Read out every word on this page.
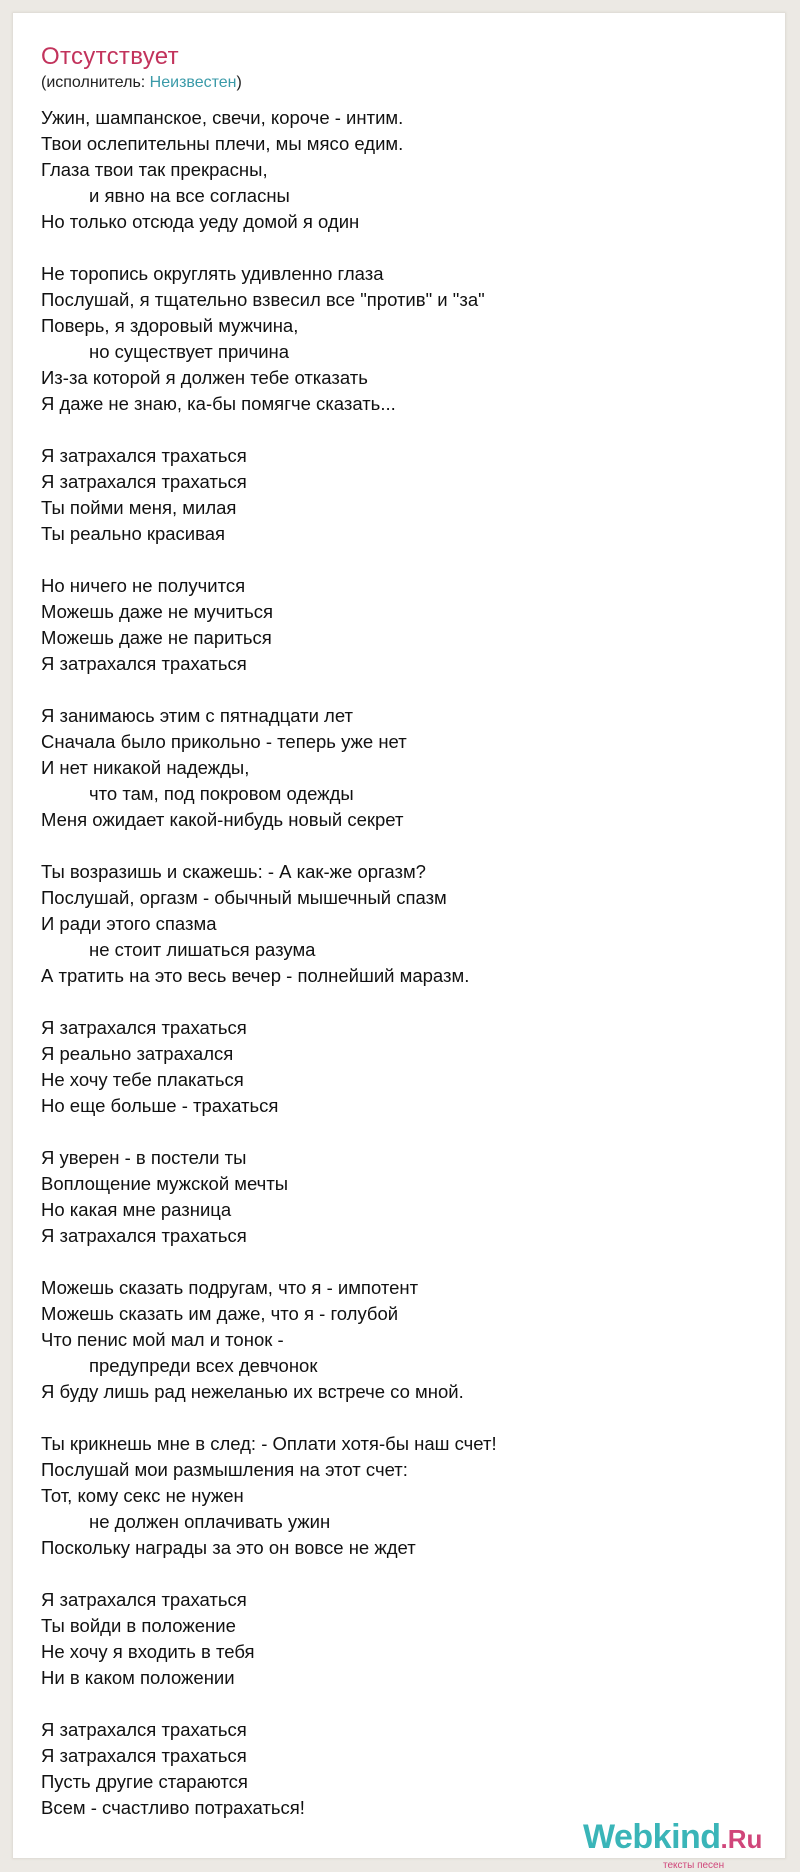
Отсутствует
(исполнитель: Неизвестен)
Ужин, шампанское, свечи, короче - интим.
Твои ослепительны плечи, мы мясо едим.
Глаза твои так прекрасны,
и явно на все согласны
Но только отсюда уеду домой я один
Не торопись округлять удивленно глаза
Послушай, я тщательно взвесил все "против" и "за"
Поверь, я здоровый мужчина,
но существует причина
Из-за которой я должен тебе отказать
Я даже не знаю, ка-бы помягче сказать...
Я затрахался трахаться
Я затрахался трахаться
Ты пойми меня, милая
Ты реально красивая
Но ничего не получится
Можешь даже не мучиться
Можешь даже не париться
Я затрахался трахаться
Я занимаюсь этим с пятнадцати лет
Сначала было прикольно - теперь уже нет
И нет никакой надежды,
что там, под покровом одежды
Меня ожидает какой-нибудь новый секрет
Ты возразишь и скажешь: - А как-же оргазм?
Послушай, оргазм - обычный мышечный спазм
И ради этого спазма
не стоит лишаться разума
А тратить на это весь вечер - полнейший маразм.
Я затрахался трахаться
Я реально затрахался
Не хочу тебе плакаться
Но еще больше - трахаться
Я уверен - в постели ты
Воплощение мужской мечты
Но какая мне разница
Я затрахался трахаться
Можешь сказать подругам, что я - импотент
Можешь сказать им даже, что я - голубой
Что пенис мой мал и тонок -
предупреди всех девчонок
Я буду лишь рад нежеланью их встрече со мной.
Ты крикнешь мне в след: - Оплати хотя-бы наш счет!
Послушай мои размышления на этот счет:
Тот, кому секс не нужен
не должен оплачивать ужин
Поскольку награды за это он вовсе не ждет
Я затрахался трахаться
Ты войди в положение
Не хочу я входить в тебя
Ни в каком положении
Я затрахался трахаться
Я затрахался трахаться
Пусть другие стараются
Всем - счастливо потрахаться!
Webkind.Ru
тексты песен
